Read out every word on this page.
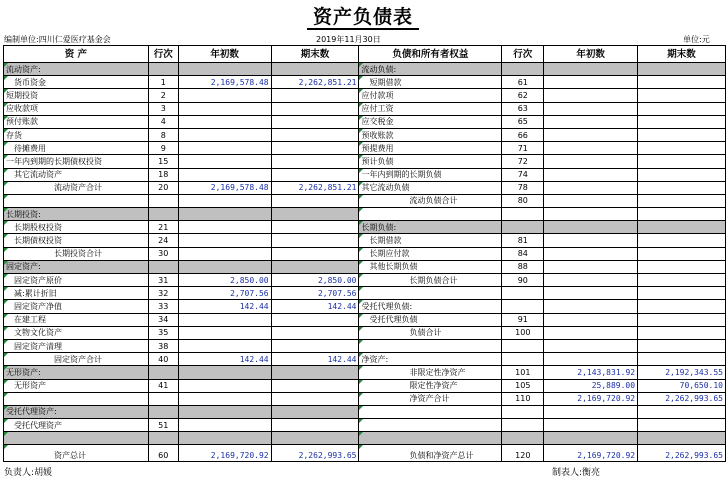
资产负债表
编制单位:四川仁爱医疗基金会	2019年11月30日	单位:元
资 产	行次	年初数	期末数	负债和所有者权益	行次	年初数	期末数
流动资产:				流动负债:			
货币资金	1	2,169,578.48	2,262,851.21	短期借款	61		
短期投资	2			应付款项	62		
应收款项	3			应付工资	63		
预付账款	4			应交税金	65		
存货	8			预收账款	66		
待摊费用	9			预提费用	71		
一年内到期的长期债权投资	15			预计负债	72		
其它流动资产	18			一年内到期的长期负债	74		
流动资产合计	20	2,169,578.48	2,262,851.21	其它流动负债	78		
				流动负债合计	80		
长期投资:							
长期股权投资	21			长期负债:			
长期债权投资	24			长期借款	81		
长期投资合计	30			长期应付款	84		
固定资产:				其他长期负债	88		
固定资产原价	31	2,850.00	2,850.00	长期负债合计	90		
减:累计折旧	32	2,707.56	2,707.56				
固定资产净值	33	142.44	142.44	受托代理负债:			
在建工程	34			受托代理负债	91		
文物文化资产	35			负债合计	100		
固定资产清理	38						
固定资产合计	40	142.44	142.44	净资产:			
无形资产:				非限定性净资产	101	2,143,831.92	2,192,343.55
无形资产	41			限定性净资产	105	25,889.00	70,650.10
				净资产合计	110	2,169,720.92	2,262,993.65
受托代理资产:							
受托代理资产	51						

资产总计	60	2,169,720.92	2,262,993.65	负债和净资产总计	120	2,169,720.92	2,262,993.65
负责人:胡媛	制表人:衡亮
